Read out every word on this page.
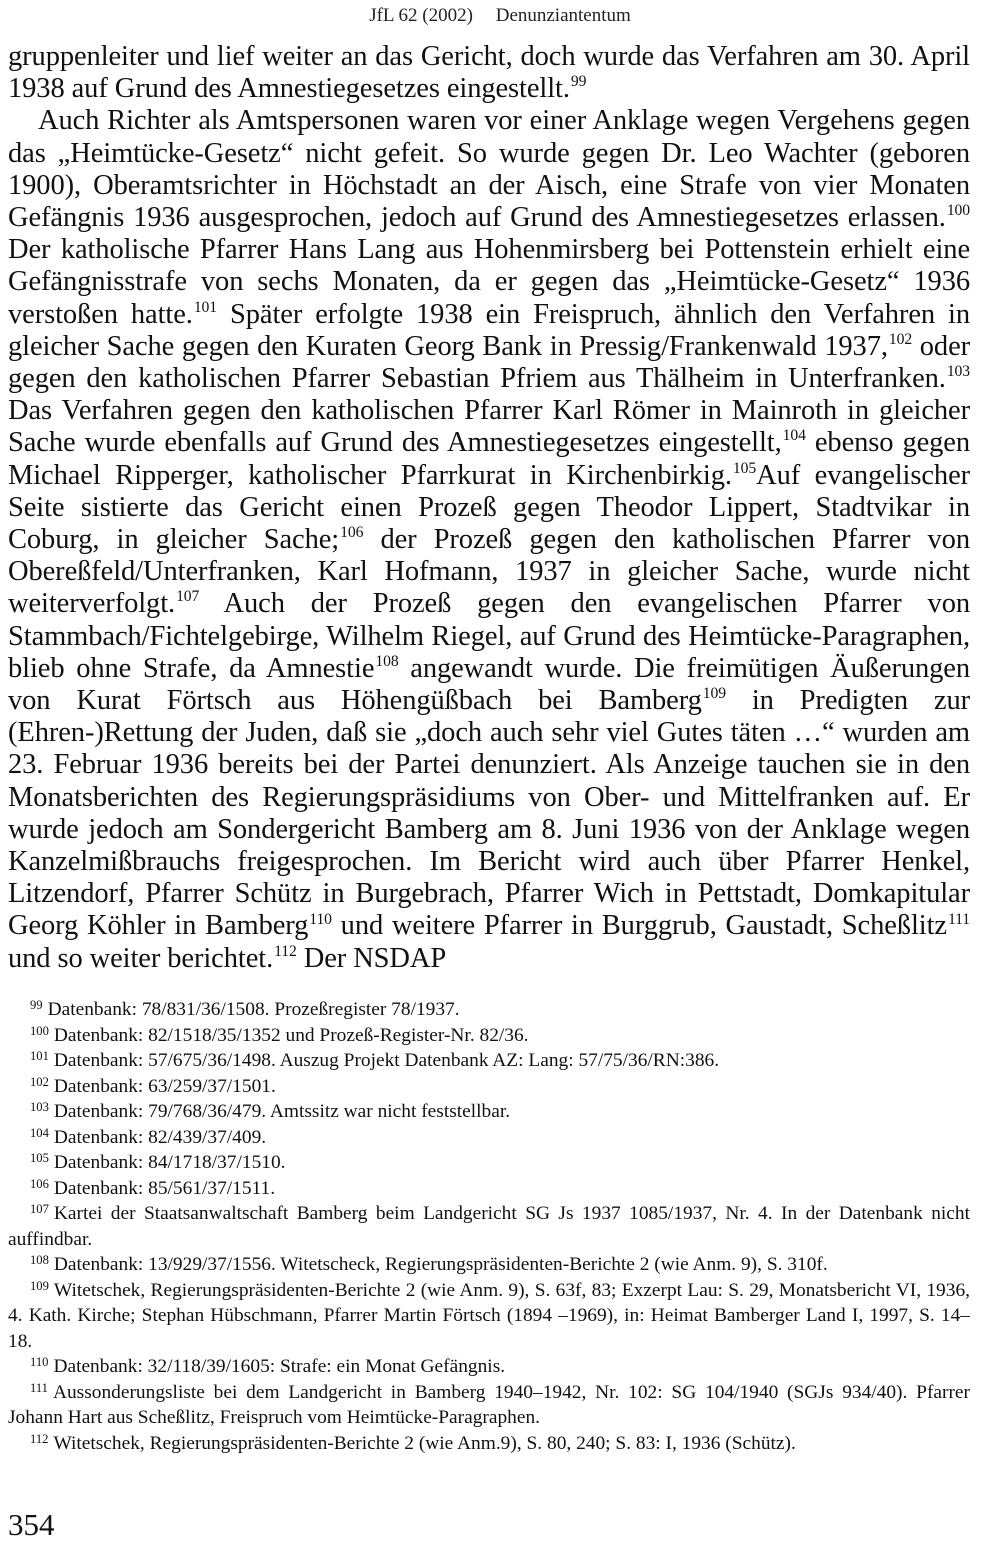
JfL 62 (2002) Denunziantentum

gruppenleiter und lief weiter an das Gericht, doch wurde das Verfahren am 30. April 1938 auf Grund des Amnestiegesetzes eingestellt.$^{99}$

Auch Richter als Amtspersonen waren vor einer Anklage wegen Vergehens gegen das „Heimtücke-Gesetz“ nicht gefeit. So wurde gegen Dr. Leo Wachter (geboren 1900), Oberamtsrichter in Höchstadt an der Aisch, eine Strafe von vier Monaten Gefängnis 1936 ausgesprochen, jedoch auf Grund des Amnestiegesetzes erlassen.$^{100}$ Der katholische Pfarrer Hans Lang aus Hohenmirsberg bei Pottenstein erhielt eine Gefängnisstrafe von sechs Monaten, da er gegen das „Heimtücke-Gesetz“ 1936 verstoßen hatte.$^{101}$ Später erfolgte 1938 ein Freispruch, ähnlich den Verfahren in gleicher Sache gegen den Kuraten Georg Bank in Pressig/Frankenwald 1937,$^{102}$ oder gegen den katholischen Pfarrer Sebastian Pfriem aus Thälheim in Unterfranken.$^{103}$ Das Verfahren gegen den katholischen Pfarrer Karl Römer in Mainroth in gleicher Sache wurde ebenfalls auf Grund des Amnestiegesetzes eingestellt,$^{104}$ ebenso gegen Michael Ripperger, katholischer Pfarrkurat in Kirchenbirkig.$^{105}$Auf evangelischer Seite sistierte das Gericht einen Prozeß gegen Theodor Lippert, Stadtvikar in Coburg, in gleicher Sache;$^{106}$ der Prozeß gegen den katholischen Pfarrer von Obereßfeld/Unterfranken, Karl Hofmann, 1937 in gleicher Sache, wurde nicht weiterverfolgt.$^{107}$ Auch der Prozeß gegen den evangelischen Pfarrer von Stammbach/Fichtelgebirge, Wilhelm Riegel, auf Grund des Heimtücke-Paragraphen, blieb ohne Strafe, da Amnestie$^{108}$ angewandt wurde. Die freimütigen Äußerungen von Kurat Förtsch aus Höhengüßbach bei Bamberg$^{109}$ in Predigten zur (Ehren-)Rettung der Juden, daß sie „doch auch sehr viel Gutes täten …“ wurden am 23. Februar 1936 bereits bei der Partei denunziert. Als Anzeige tauchen sie in den Monatsberichten des Regierungspräsidiums von Ober- und Mittelfranken auf. Er wurde jedoch am Sondergericht Bamberg am 8. Juni 1936 von der Anklage wegen Kanzelmißbrauchs freigesprochen. Im Bericht wird auch über Pfarrer Henkel, Litzendorf, Pfarrer Schütz in Burgebrach, Pfarrer Wich in Pettstadt, Domkapitular Georg Köhler in Bamberg$^{110}$ und weitere Pfarrer in Burggrub, Gaustadt, Scheßlitz$^{111}$ und so weiter berichtet.$^{112}$ Der NSDAP

$^{99}$ Datenbank: 78/831/36/1508. Prozeßregister 78/1937.

$^{100}$ Datenbank: 82/1518/35/1352 und Prozeß-Register-Nr. 82/36.

$^{101}$ Datenbank: 57/675/36/1498. Auszug Projekt Datenbank AZ: Lang: 57/75/36/RN:386.

$^{102}$ Datenbank: 63/259/37/1501.

$^{103}$ Datenbank: 79/768/36/479. Amtssitz war nicht feststellbar.

$^{104}$ Datenbank: 82/439/37/409.

$^{105}$ Datenbank: 84/1718/37/1510.

$^{106}$ Datenbank: 85/561/37/1511.

$^{107}$ Kartei der Staatsanwaltschaft Bamberg beim Landgericht SG Js 1937 1085/1937, Nr. 4. In der Datenbank nicht auffindbar.

$^{108}$ Datenbank: 13/929/37/1556. Witetscheck, Regierungspräsidenten-Berichte 2 (wie Anm. 9), S. 310f.

$^{109}$ Witetschek, Regierungspräsidenten-Berichte 2 (wie Anm. 9), S. 63f, 83; Exzerpt Lau: S. 29, Monatsbericht VI, 1936, 4. Kath. Kirche; Stephan Hübschmann, Pfarrer Martin Förtsch (1894 –1969), in: Heimat Bamberger Land I, 1997, S. 14–18.

$^{110}$ Datenbank: 32/118/39/1605: Strafe: ein Monat Gefängnis.

$^{111}$ Aussonderungsliste bei dem Landgericht in Bamberg 1940–1942, Nr. 102: SG 104/1940 (SGJs 934/40). Pfarrer Johann Hart aus Scheßlitz, Freispruch vom Heimtücke-Paragraphen.

$^{112}$ Witetschek, Regierungspräsidenten-Berichte 2 (wie Anm.9), S. 80, 240; S. 83: I, 1936 (Schütz).

354
